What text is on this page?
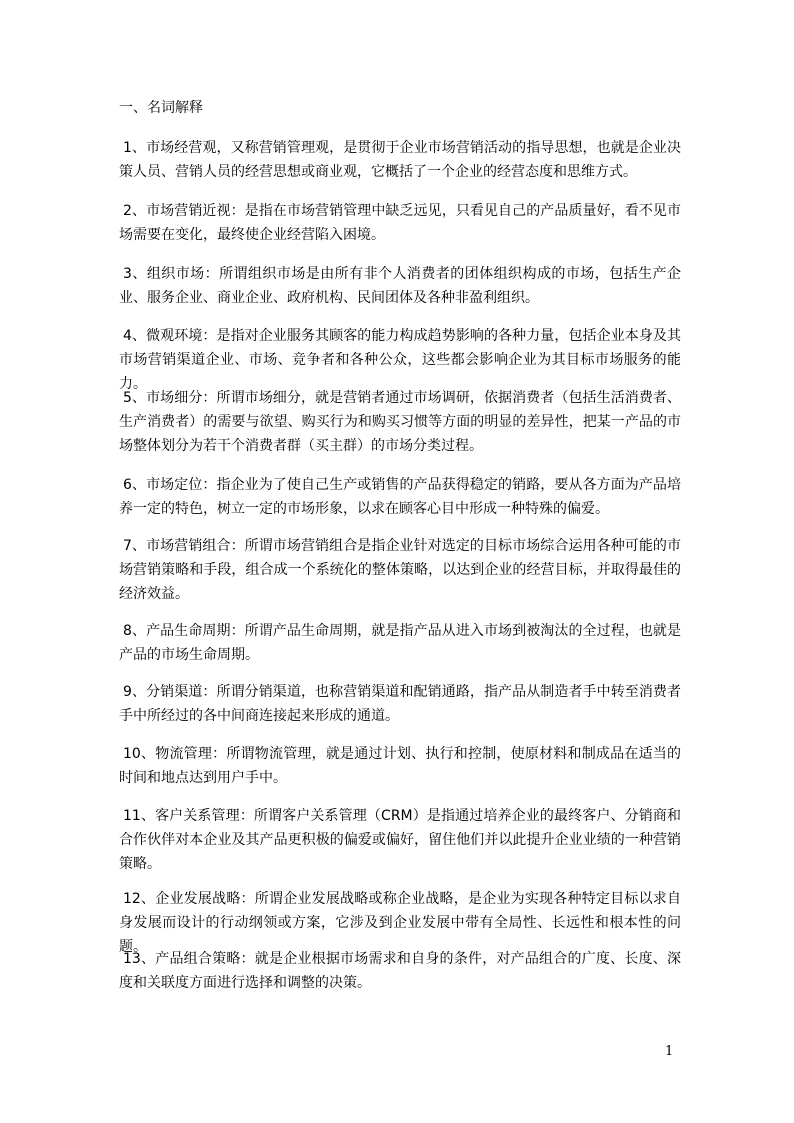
一、名词解释

1、市场经营观，又称营销管理观，是贯彻于企业市场营销活动的指导思想，也就是企业决策人员、营销人员的经营思想或商业观，它概括了一个企业的经营态度和思维方式。

2、市场营销近视：是指在市场营销管理中缺乏远见，只看见自己的产品质量好，看不见市场需要在变化，最终使企业经营陷入困境。

3、组织市场：所谓组织市场是由所有非个人消费者的团体组织构成的市场，包括生产企业、服务企业、商业企业、政府机构、民间团体及各种非盈利组织。

4、微观环境：是指对企业服务其顾客的能力构成趋势影响的各种力量，包括企业本身及其市场营销渠道企业、市场、竞争者和各种公众，这些都会影响企业为其目标市场服务的能力。

5、市场细分：所谓市场细分，就是营销者通过市场调研，依据消费者（包括生活消费者、生产消费者）的需要与欲望、购买行为和购买习惯等方面的明显的差异性，把某一产品的市场整体划分为若干个消费者群（买主群）的市场分类过程。

6、市场定位：指企业为了使自己生产或销售的产品获得稳定的销路，要从各方面为产品培养一定的特色，树立一定的市场形象，以求在顾客心目中形成一种特殊的偏爱。

7、市场营销组合：所谓市场营销组合是指企业针对选定的目标市场综合运用各种可能的市场营销策略和手段，组合成一个系统化的整体策略，以达到企业的经营目标，并取得最佳的经济效益。

8、产品生命周期：所谓产品生命周期，就是指产品从进入市场到被淘汰的全过程，也就是产品的市场生命周期。

9、分销渠道：所谓分销渠道，也称营销渠道和配销通路，指产品从制造者手中转至消费者手中所经过的各中间商连接起来形成的通道。

10、物流管理：所谓物流管理，就是通过计划、执行和控制，使原材料和制成品在适当的时间和地点达到用户手中。

11、客户关系管理：所谓客户关系管理（CRM）是指通过培养企业的最终客户、分销商和合作伙伴对本企业及其产品更积极的偏爱或偏好，留住他们并以此提升企业业绩的一种营销策略。

12、企业发展战略：所谓企业发展战略或称企业战略，是企业为实现各种特定目标以求自身发展而设计的行动纲领或方案，它涉及到企业发展中带有全局性、长远性和根本性的问题。

13、产品组合策略：就是企业根据市场需求和自身的条件，对产品组合的广度、长度、深度和关联度方面进行选择和调整的决策。

1
